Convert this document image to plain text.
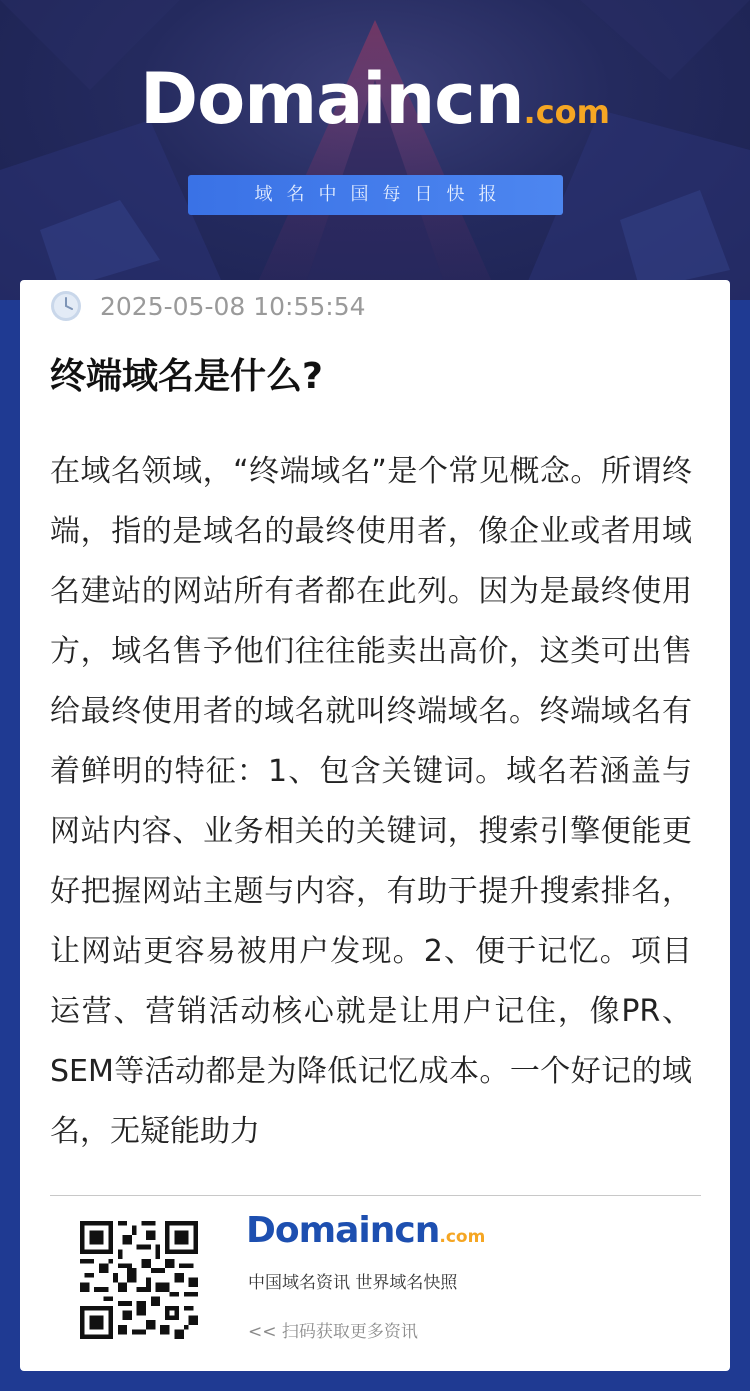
Domaincn.com
域名中国每日快报
2025-05-08 10:55:54
终端域名是什么?

在域名领域，“终端域名”是个常见概念。所谓终端，指的是域名的最终使用者，像企业或者用域名建站的网站所有者都在此列。因为是最终使用方，域名售予他们往往能卖出高价，这类可出售给最终使用者的域名就叫终端域名。终端域名有着鲜明的特征：1、包含关键词。域名若涵盖与网站内容、业务相关的关键词，搜索引擎便能更好把握网站主题与内容，有助于提升搜索排名，让网站更容易被用户发现。2、便于记忆。项目运营、营销活动核心就是让用户记住，像PR、SEM等活动都是为降低记忆成本。一个好记的域名，无疑能助力

Domaincn.com
中国域名资讯 世界域名快照
<< 扫码获取更多资讯
